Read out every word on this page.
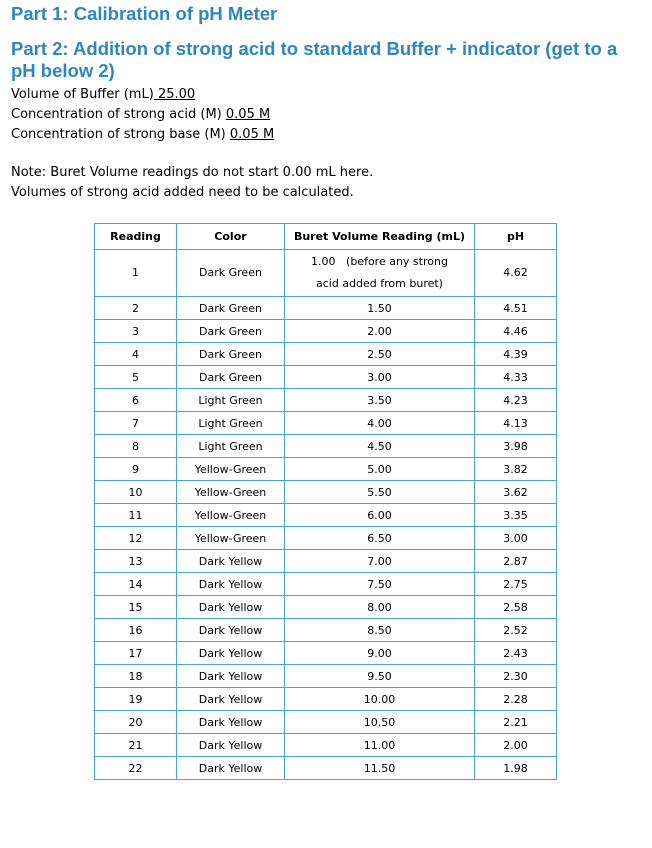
Part 1: Calibration of pH Meter
Part 2: Addition of strong acid to standard Buffer + indicator (get to a pH below 2)
Volume of Buffer (mL) 25.00
Concentration of strong acid (M) 0.05 M
Concentration of strong base (M) 0.05 M
Note: Buret Volume readings do not start 0.00 mL here.
Volumes of strong acid added need to be calculated.
Reading	Color	Buret Volume Reading (mL)	pH
1	Dark Green	1.00   (before any strong
acid added from buret)	4.62
2	Dark Green	1.50	4.51
3	Dark Green	2.00	4.46
4	Dark Green	2.50	4.39
5	Dark Green	3.00	4.33
6	Light Green	3.50	4.23
7	Light Green	4.00	4.13
8	Light Green	4.50	3.98
9	Yellow-Green	5.00	3.82
10	Yellow-Green	5.50	3.62
11	Yellow-Green	6.00	3.35
12	Yellow-Green	6.50	3.00
13	Dark Yellow	7.00	2.87
14	Dark Yellow	7.50	2.75
15	Dark Yellow	8.00	2.58
16	Dark Yellow	8.50	2.52
17	Dark Yellow	9.00	2.43
18	Dark Yellow	9.50	2.30
19	Dark Yellow	10.00	2.28
20	Dark Yellow	10.50	2.21
21	Dark Yellow	11.00	2.00
22	Dark Yellow	11.50	1.98
